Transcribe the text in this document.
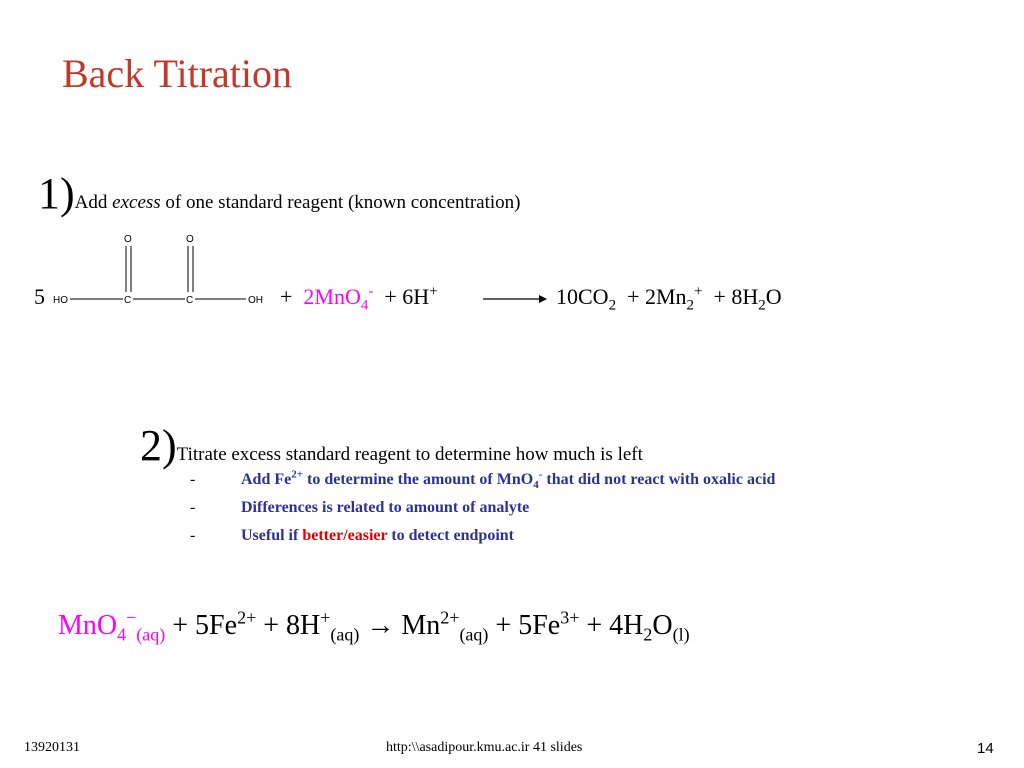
Back Titration
1)Add excess of one standard reagent (known concentration)
O	O
HO	C	C	OH
5	+ 2MnO$_4$- + 6H+	$10CO_2 + 2Mn_2^+ + 8H_2O$
2)Titrate excess standard reagent to determine how much is left
-	Add $Fe^{2+}$ to determine the amount of MnO$_4$- that did not react with oxalic acid
-	Differences is related to amount of analyte
-	Useful if better/easier to detect endpoint
$MnO_4^-_{(aq)} + 5Fe^{2+} + 8H^+_{(aq)} \to Mn^{2+}_{(aq)} + 5Fe^{3+} + 4H_2O_{(l)}$
13920131	http:\\asadipour.kmu.ac.ir 41 slides	14
